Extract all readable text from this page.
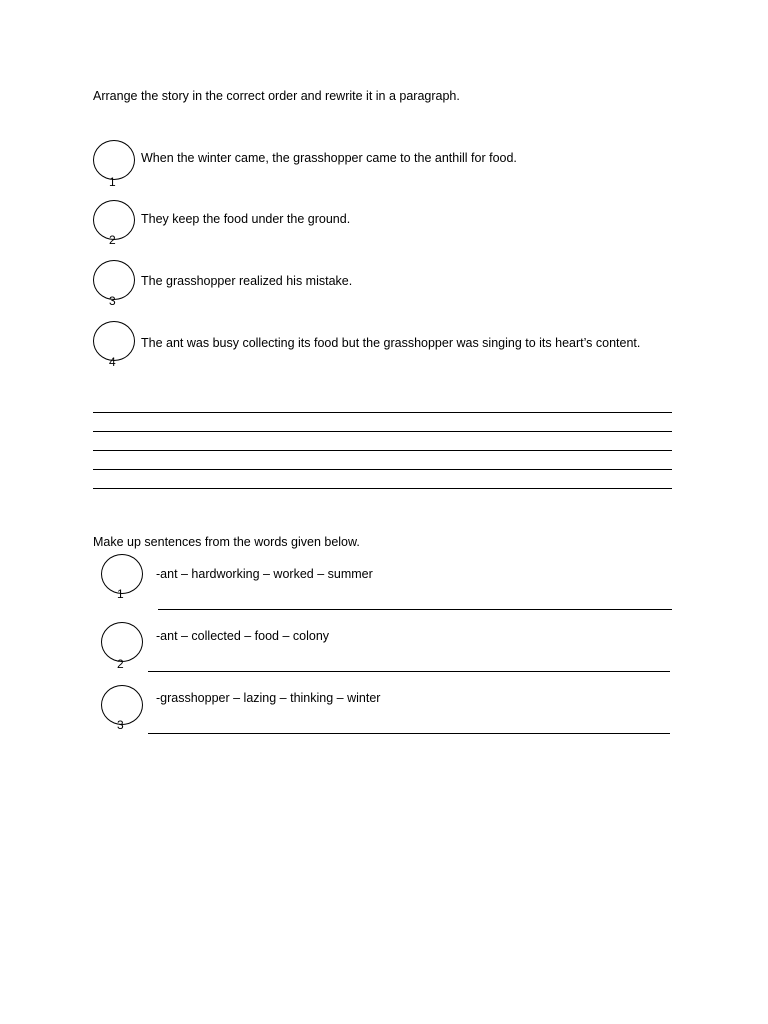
Arrange the story in the correct order and rewrite it in a paragraph.
1
When the winter came, the grasshopper came to the anthill for food.
2
They keep the food under the ground.
3
The grasshopper realized his mistake.
4
The ant was busy collecting its food but the grasshopper was singing to its heart’s content.
Make up sentences from the words given below.
1
-ant – hardworking – worked – summer
2
-ant – collected – food – colony
3
-grasshopper – lazing – thinking – winter
